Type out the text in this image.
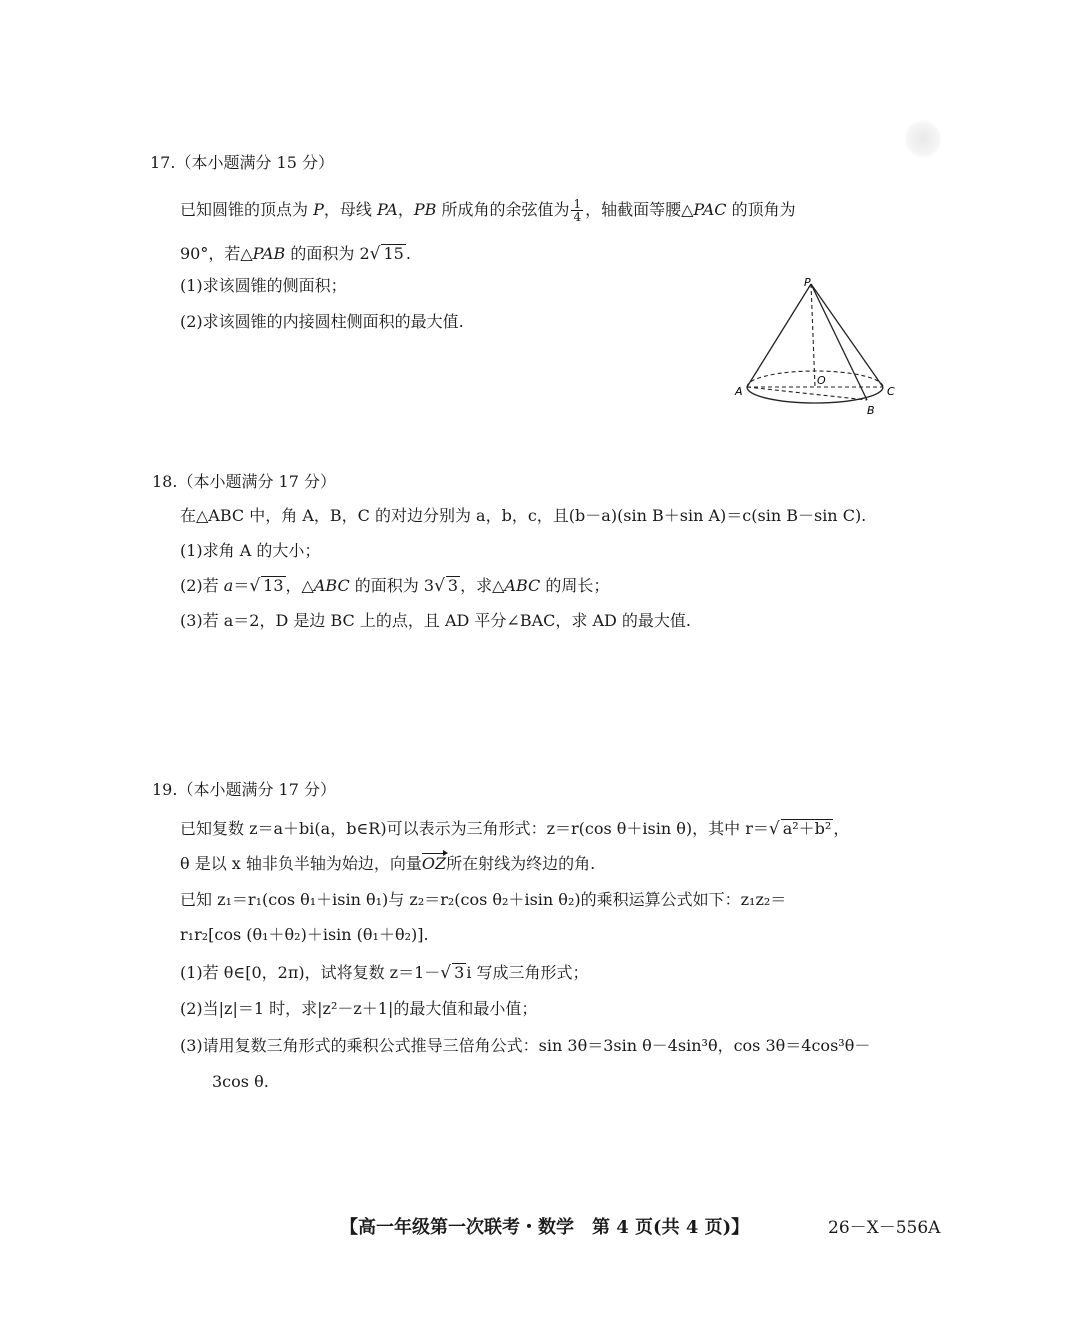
17.（本小题满分 15 分）
已知圆锥的顶点为 P，母线 PA，PB 所成角的余弦值为 $\frac{1}{4}$ ，轴截面等腰△PAC 的顶角为
90°，若△PAB 的面积为 2√ 15 .
(1)求该圆锥的侧面积；
(2)求该圆锥的内接圆柱侧面积的最大值.
P
O
A	C
B
18.（本小题满分 17 分）
在△ABC 中，角 A，B，C 的对边分别为 a，b，c，且(b－a)(sin B＋sin A)＝c(sin B－sin C).
(1)求角 A 的大小；
(2)若 a＝√ 13 ，△ABC 的面积为 3√ 3 ，求△ABC 的周长；
(3)若 a＝2，D 是边 BC 上的点，且 AD 平分∠BAC，求 AD 的最大值.
19.（本小题满分 17 分）
已知复数 z＝a＋bi(a，b∈R)可以表示为三角形式：z＝r(cos θ＋isin θ)，其中 r＝√ a²＋b² ，
θ 是以 x 轴非负半轴为始边，向量OZ所在射线为终边的角.
已知 z₁＝r₁(cos θ₁＋isin θ₁)与 z₂＝r₂(cos θ₂＋isin θ₂)的乘积运算公式如下：z₁z₂＝
r₁r₂[cos (θ₁＋θ₂)＋isin (θ₁＋θ₂)].
(1)若 θ∈[0，2π)，试将复数 z＝1－√ 3 i 写成三角形式；
(2)当|z|＝1 时，求|z²－z＋1|的最大值和最小值；
(3)请用复数三角形式的乘积公式推导三倍角公式：sin 3θ＝3sin θ－4sin³θ，cos 3θ＝4cos³θ－
3cos θ.
【高一年级第一次联考・数学　第 4 页(共 4 页)】	26－X－556A
